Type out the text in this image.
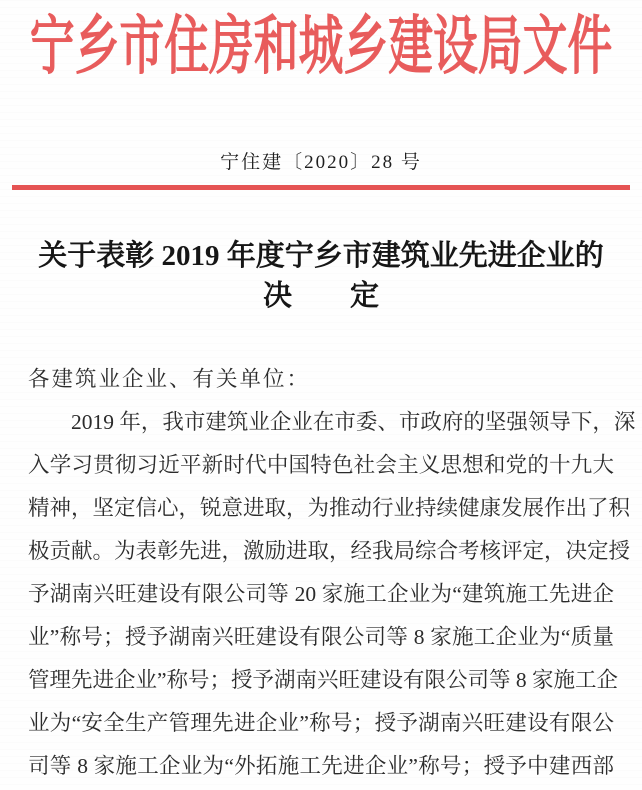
宁乡市住房和城乡建设局文件
宁住建〔2020〕28 号
关于表彰 2019 年度宁乡市建筑业先进企业的
决　　定
各建筑业企业、有关单位：
　　2019 年，我市建筑业企业在市委、市政府的坚强领导下，深
入学习贯彻习近平新时代中国特色社会主义思想和党的十九大
精神，坚定信心，锐意进取，为推动行业持续健康发展作出了积
极贡献。为表彰先进，激励进取，经我局综合考核评定，决定授
予湖南兴旺建设有限公司等 20 家施工企业为“建筑施工先进企
业”称号；授予湖南兴旺建设有限公司等 8 家施工企业为“质量
管理先进企业”称号；授予湖南兴旺建设有限公司等 8 家施工企
业为“安全生产管理先进企业”称号；授予湖南兴旺建设有限公
司等 8 家施工企业为“外拓施工先进企业”称号；授予中建西部
